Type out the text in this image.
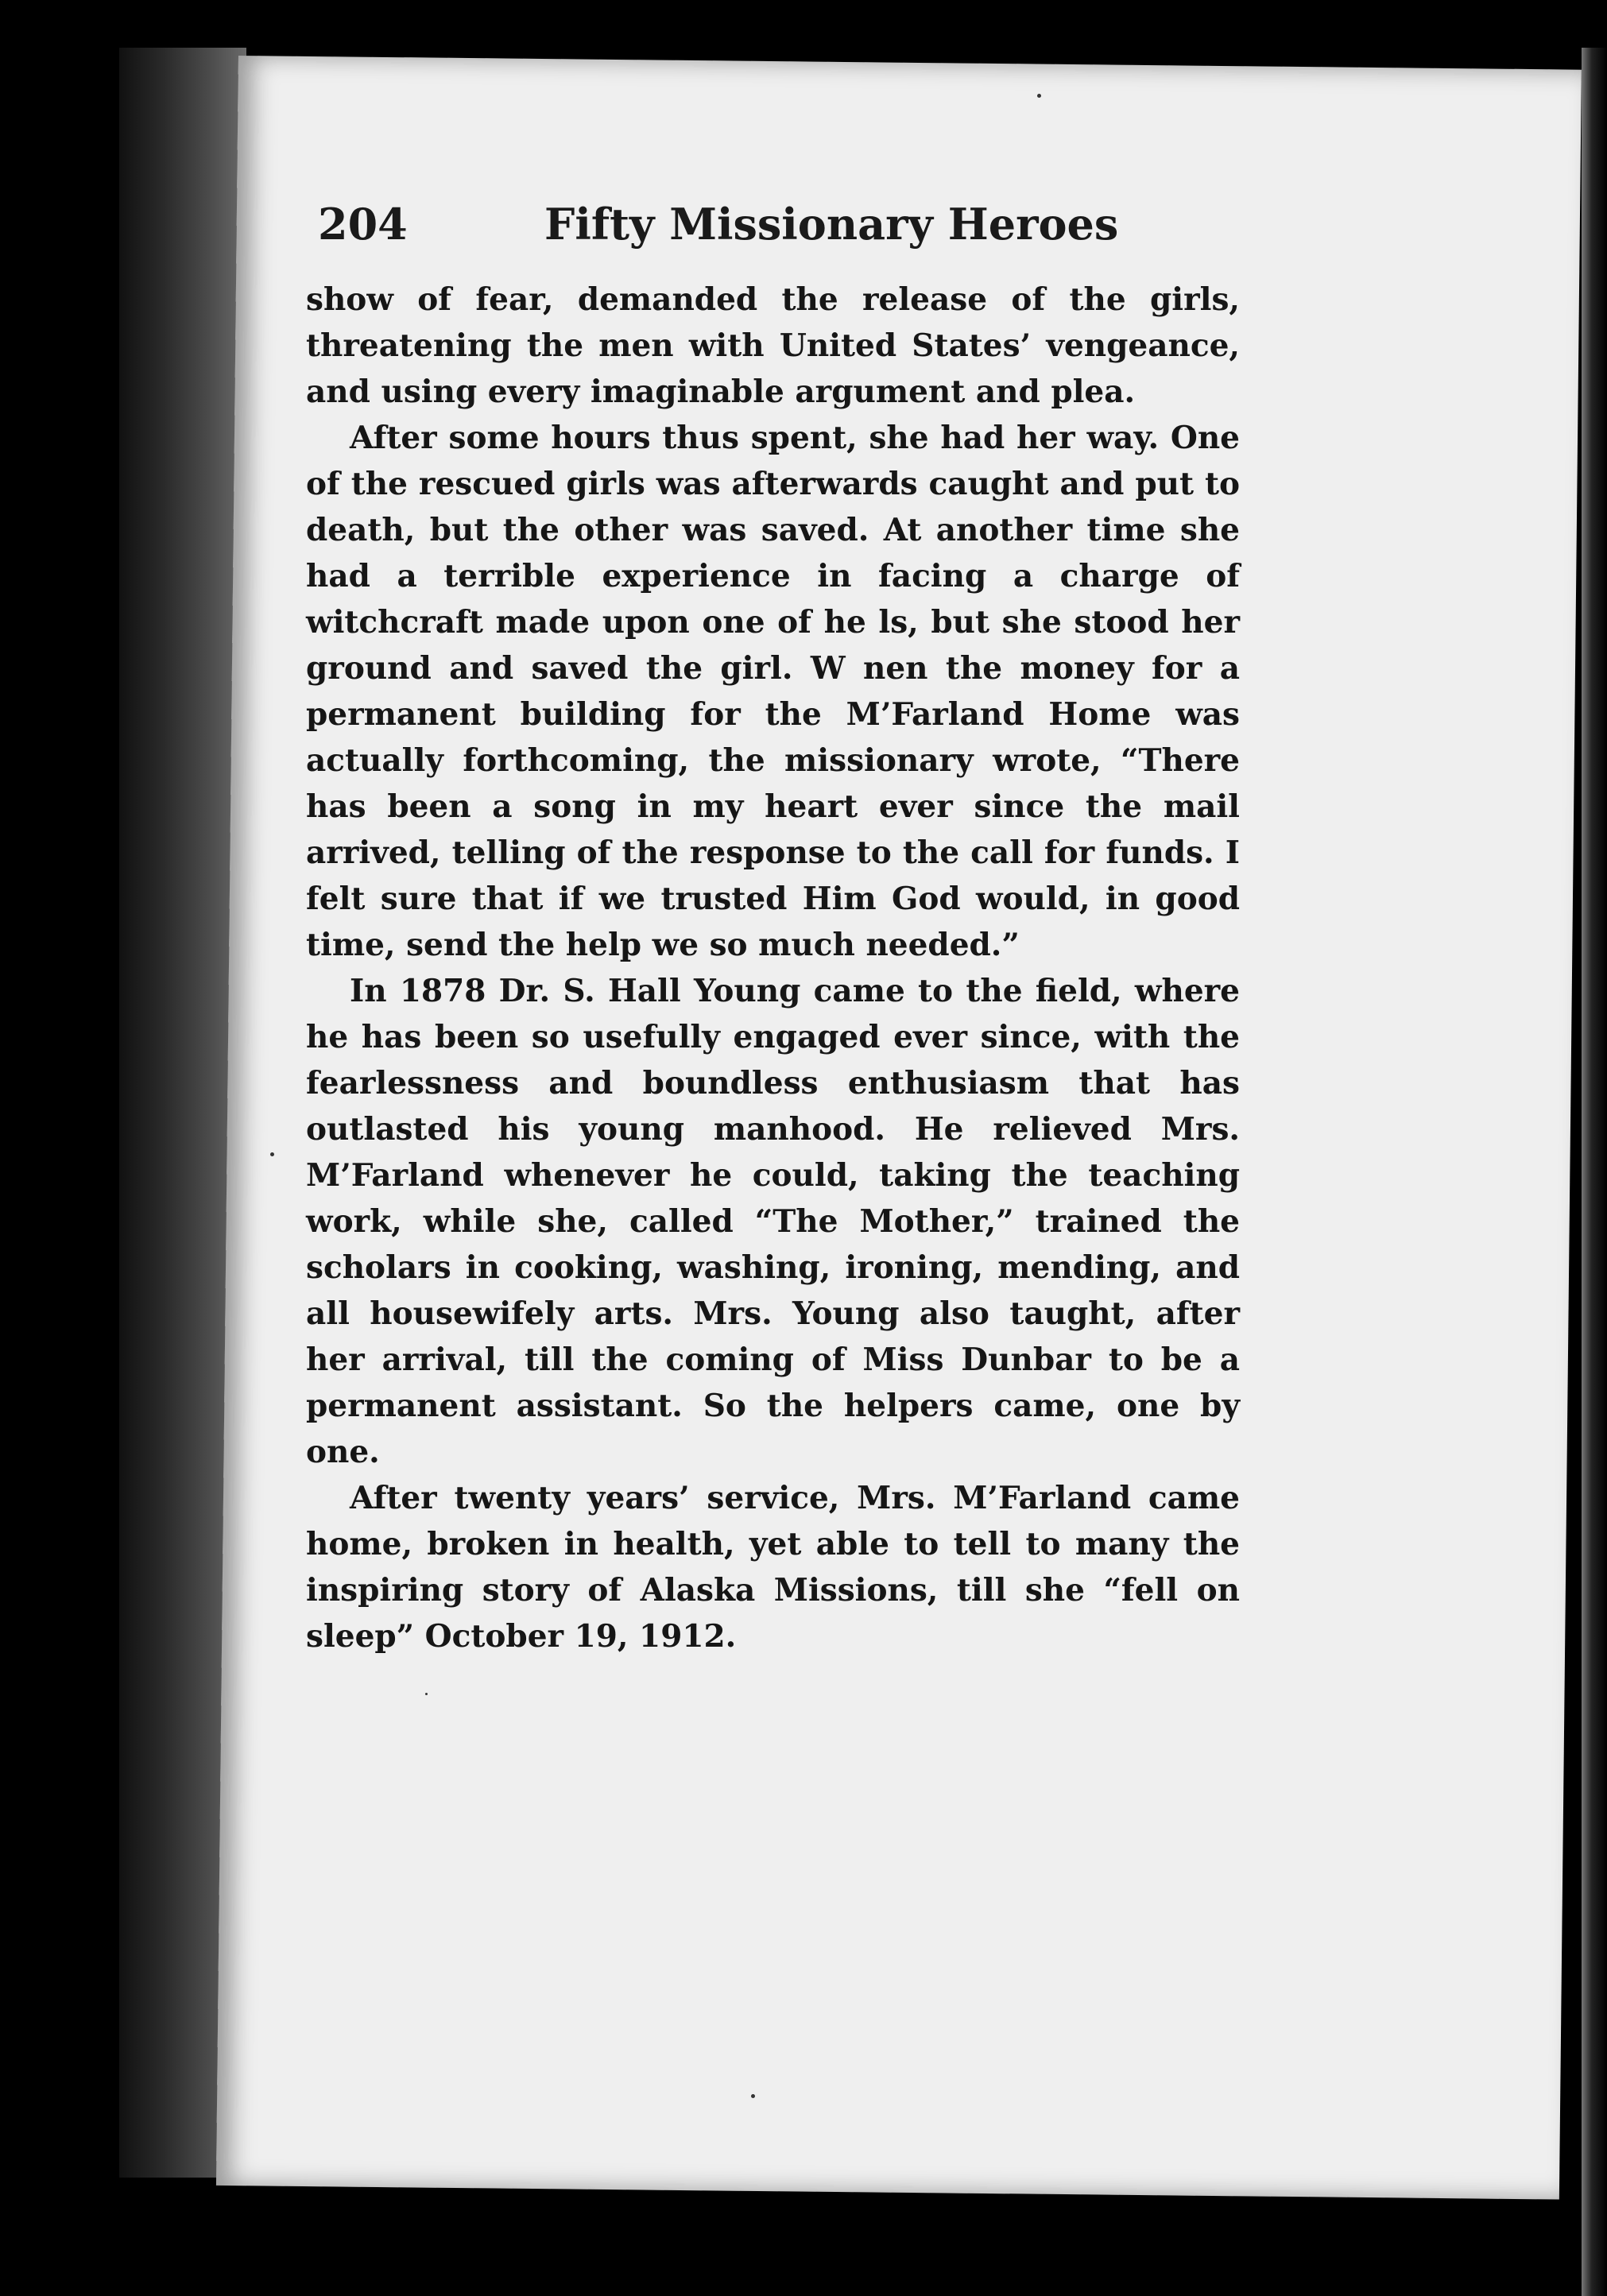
204	Fifty Missionary Heroes

show of fear, demanded the release of the girls, threatening the men with United States’ vengeance, and using every imaginable argument and plea.

After some hours thus spent, she had her way. One of the rescued girls was afterwards caught and put to death, but the other was saved. At another time she had a terrible experience in facing a charge of witchcraft made upon one of he ls, but she stood her ground and saved the girl. W nen the money for a permanent building for the M’Farland Home was actually forthcoming, the missionary wrote, “There has been a song in my heart ever since the mail arrived, telling of the response to the call for funds. I felt sure that if we trusted Him God would, in good time, send the help we so much needed.”

In 1878 Dr. S. Hall Young came to the field, where he has been so usefully engaged ever since, with the fearlessness and boundless enthusiasm that has outlasted his young manhood. He relieved Mrs. M’Farland whenever he could, taking the teaching work, while she, called “The Mother,” trained the scholars in cooking, washing, ironing, mending, and all housewifely arts. Mrs. Young also taught, after her arrival, till the coming of Miss Dunbar to be a permanent assistant. So the helpers came, one by one.

After twenty years’ service, Mrs. M’Farland came home, broken in health, yet able to tell to many the inspiring story of Alaska Missions, till she “fell on sleep” October 19, 1912.
